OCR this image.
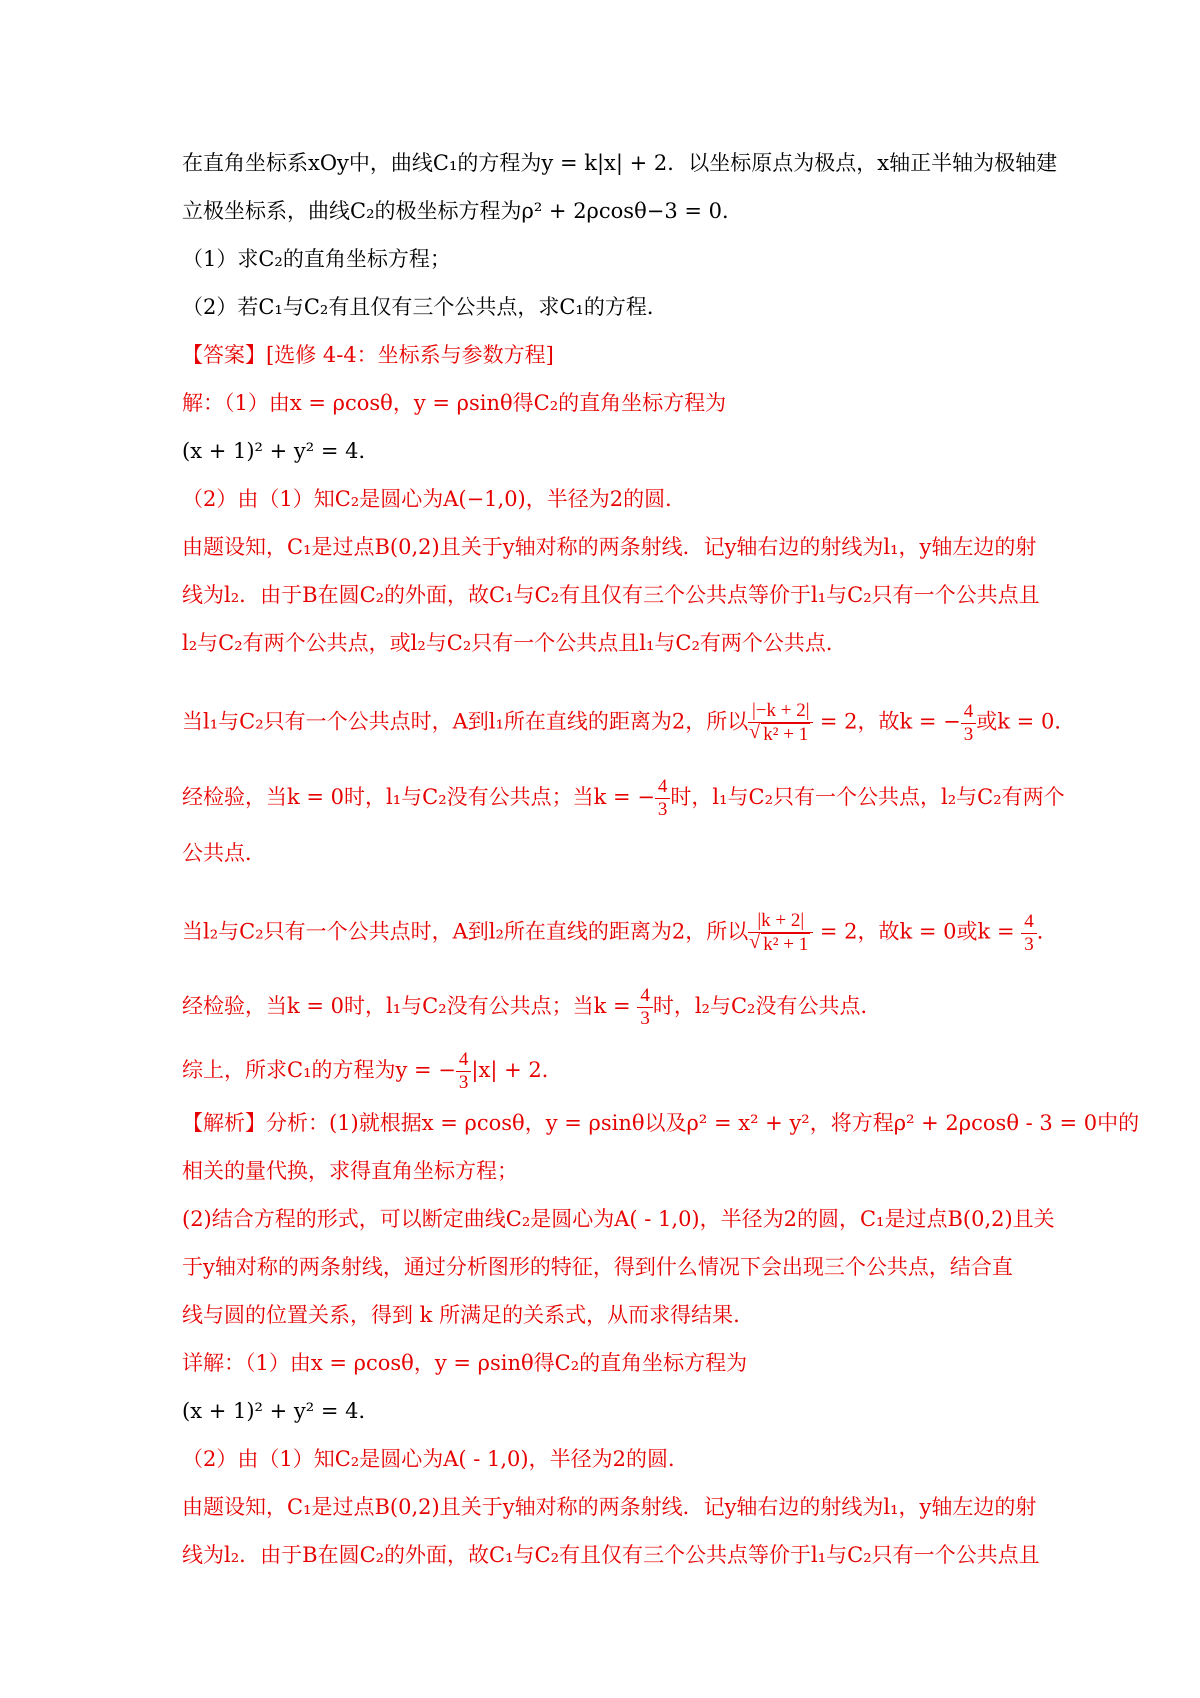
在直角坐标系xOy中，曲线C₁的方程为y = k|x| + 2．以坐标原点为极点，x轴正半轴为极轴建
立极坐标系，曲线C₂的极坐标方程为ρ² + 2ρcosθ−3 = 0．
（1）求C₂的直角坐标方程；
（2）若C₁与C₂有且仅有三个公共点，求C₁的方程．
【答案】[选修 4-4：坐标系与参数方程]
解：（1）由x = ρcosθ，y = ρsinθ得C₂的直角坐标方程为
(x + 1)² + y² = 4．
（2）由（1）知C₂是圆心为A(−1,0)，半径为2的圆．
由题设知，C₁是过点B(0,2)且关于y轴对称的两条射线．记y轴右边的射线为l₁，y轴左边的射
线为l₂．由于B在圆C₂的外面，故C₁与C₂有且仅有三个公共点等价于l₁与C₂只有一个公共点且
l₂与C₂有两个公共点，或l₂与C₂只有一个公共点且l₁与C₂有两个公共点．
当l₁与C₂只有一个公共点时，A到l₁所在直线的距离为2，所以 |−k + 2|
√ k² + 1 = 2，故k = − $\frac{4}{3}$ 或k = 0．
经检验，当k = 0时，l₁与C₂没有公共点；当k = − $\frac{4}{3}$ 时，l₁与C₂只有一个公共点，l₂与C₂有两个
公共点．
当l₂与C₂只有一个公共点时，A到l₂所在直线的距离为2，所以 |k + 2|
√ k² + 1 = 2，故k = 0或$k = \frac{4}{3}$ ．
经检验，当k = 0时，l₁与C₂没有公共点；当$k = \frac{4}{3}$ 时，l₂与C₂没有公共点．
综上，所求C₁的方程为y = − $\frac{4}{3} |x| + 2$．
【解析】分析：(1)就根据x = ρcosθ，y = ρsinθ以及ρ² = x² + y²，将方程ρ² + 2ρcosθ - 3 = 0中的
相关的量代换，求得直角坐标方程；
(2)结合方程的形式，可以断定曲线C₂是圆心为A( - 1,0)，半径为2的圆，C₁是过点B(0,2)且关
于y轴对称的两条射线，通过分析图形的特征，得到什么情况下会出现三个公共点，结合直
线与圆的位置关系，得到 k 所满足的关系式，从而求得结果.
详解：（1）由x = ρcosθ，y = ρsinθ得C₂的直角坐标方程为
(x + 1)² + y² = 4．
（2）由（1）知C₂是圆心为A( - 1,0)，半径为2的圆．
由题设知，C₁是过点B(0,2)且关于y轴对称的两条射线．记y轴右边的射线为l₁，y轴左边的射
线为l₂．由于B在圆C₂的外面，故C₁与C₂有且仅有三个公共点等价于l₁与C₂只有一个公共点且
